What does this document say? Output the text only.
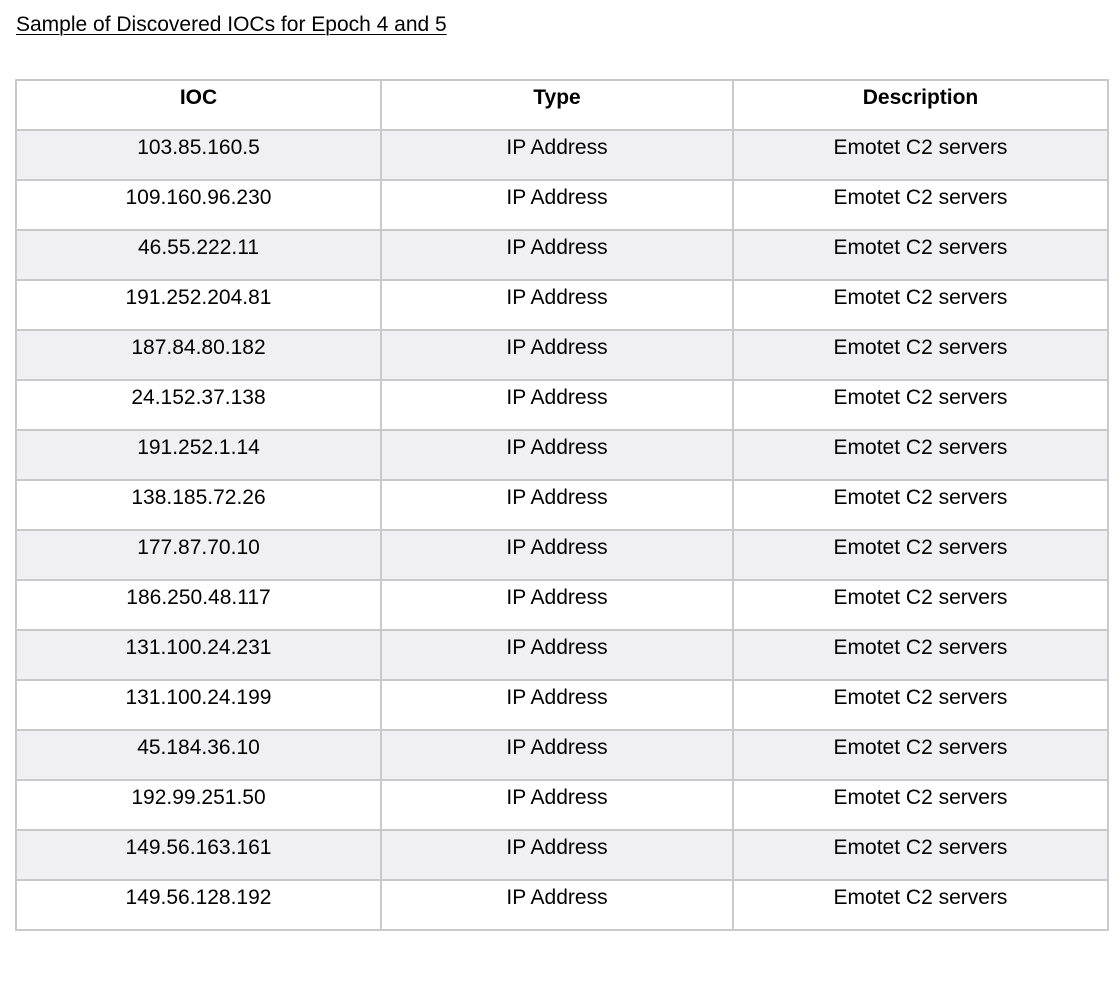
Sample of Discovered IOCs for Epoch 4 and 5
IOC	Type	Description
103.85.160.5	IP Address	Emotet C2 servers
109.160.96.230	IP Address	Emotet C2 servers
46.55.222.11	IP Address	Emotet C2 servers
191.252.204.81	IP Address	Emotet C2 servers
187.84.80.182	IP Address	Emotet C2 servers
24.152.37.138	IP Address	Emotet C2 servers
191.252.1.14	IP Address	Emotet C2 servers
138.185.72.26	IP Address	Emotet C2 servers
177.87.70.10	IP Address	Emotet C2 servers
186.250.48.117	IP Address	Emotet C2 servers
131.100.24.231	IP Address	Emotet C2 servers
131.100.24.199	IP Address	Emotet C2 servers
45.184.36.10	IP Address	Emotet C2 servers
192.99.251.50	IP Address	Emotet C2 servers
149.56.163.161	IP Address	Emotet C2 servers
149.56.128.192	IP Address	Emotet C2 servers
